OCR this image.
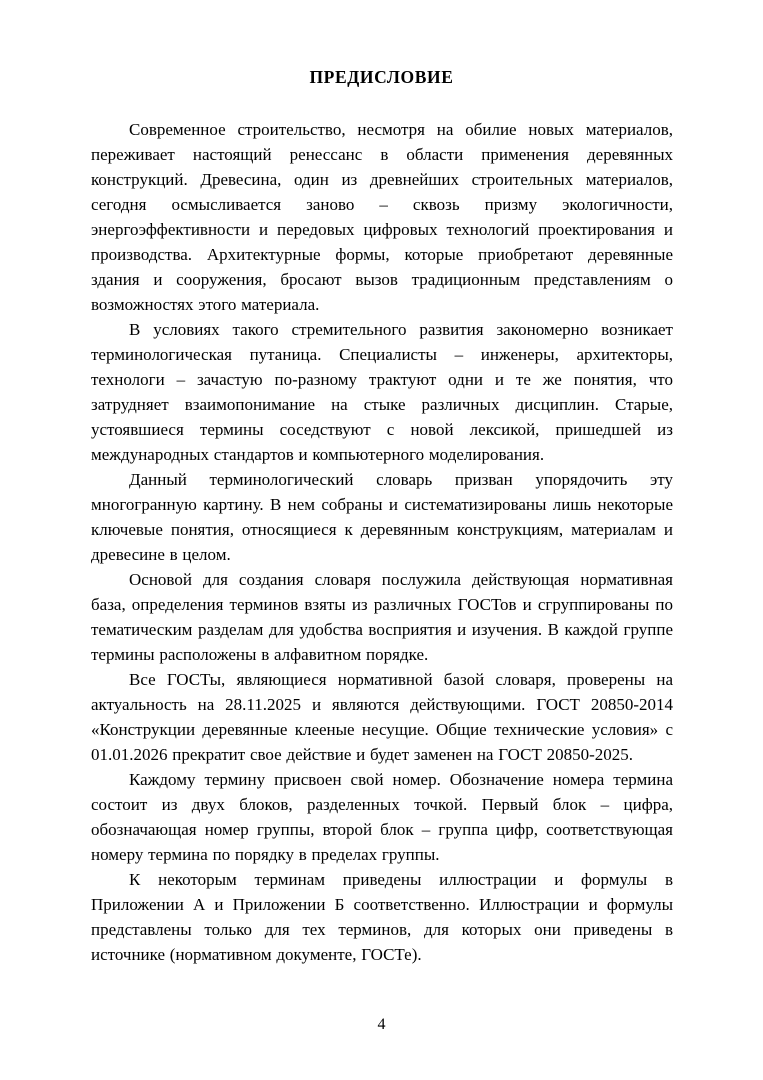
ПРЕДИСЛОВИЕ

Современное строительство, несмотря на обилие новых материалов, переживает настоящий ренессанс в области применения деревянных конструкций. Древесина, один из древнейших строительных материалов, сегодня осмысливается заново – сквозь призму экологичности, энергоэффективности и передовых цифровых технологий проектирования и производства. Архитектурные формы, которые приобретают деревянные здания и сооружения, бросают вызов традиционным представлениям о возможностях этого материала.

В условиях такого стремительного развития закономерно возникает терминологическая путаница. Специалисты – инженеры, архитекторы, технологи – зачастую по-разному трактуют одни и те же понятия, что затрудняет взаимопонимание на стыке различных дисциплин. Старые, устоявшиеся термины соседствуют с новой лексикой, пришедшей из международных стандартов и компьютерного моделирования.

Данный терминологический словарь призван упорядочить эту многогранную картину. В нем собраны и систематизированы лишь некоторые ключевые понятия, относящиеся к деревянным конструкциям, материалам и древесине в целом.

Основой для создания словаря послужила действующая нормативная база, определения терминов взяты из различных ГОСТов и сгруппированы по тематическим разделам для удобства восприятия и изучения. В каждой группе термины расположены в алфавитном порядке.

Все ГОСТы, являющиеся нормативной базой словаря, проверены на актуальность на 28.11.2025 и являются действующими. ГОСТ 20850-2014 «Конструкции деревянные клееные несущие. Общие технические условия» с 01.01.2026 прекратит свое действие и будет заменен на ГОСТ 20850-2025.

Каждому термину присвоен свой номер. Обозначение номера термина состоит из двух блоков, разделенных точкой. Первый блок – цифра, обозначающая номер группы, второй блок – группа цифр, соответствующая номеру термина по порядку в пределах группы.

К некоторым терминам приведены иллюстрации и формулы в Приложении А и Приложении Б соответственно. Иллюстрации и формулы представлены только для тех терминов, для которых они приведены в источнике (нормативном документе, ГОСТе).

4
